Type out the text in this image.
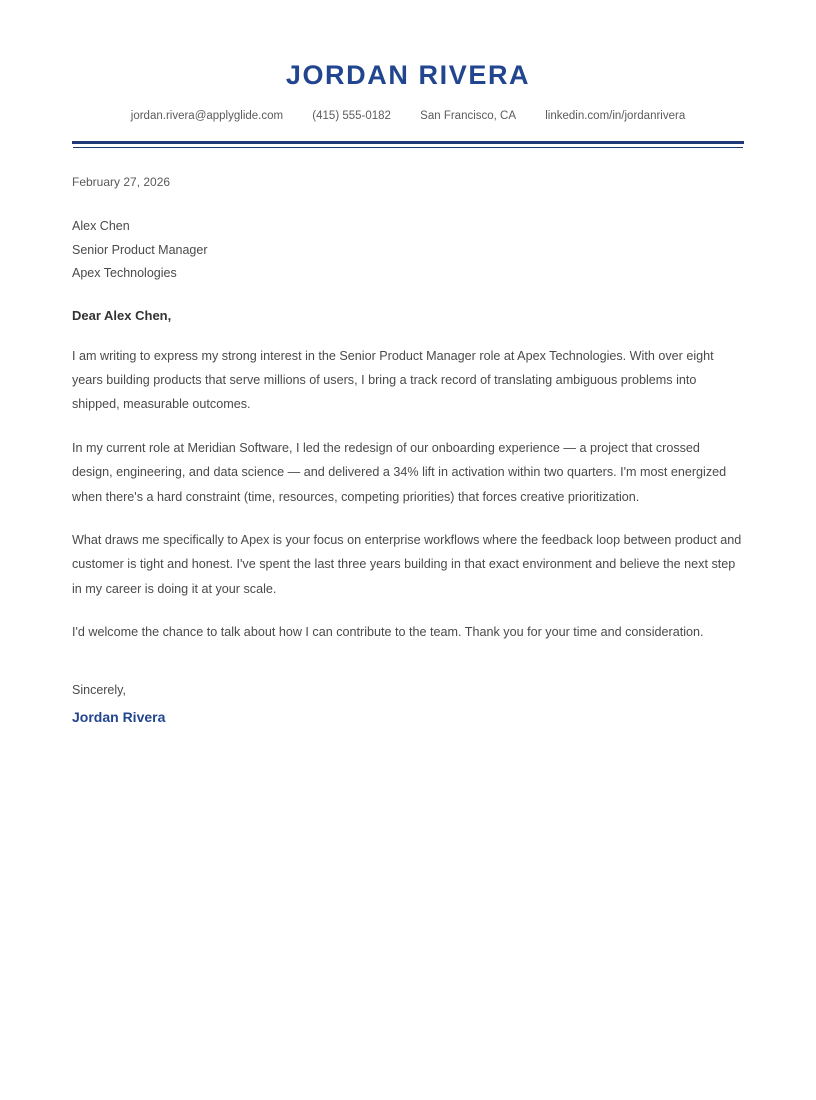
JORDAN RIVERA
jordan.rivera@applyglide.com	(415) 555-0182	San Francisco, CA	linkedin.com/in/jordanrivera
February 27, 2026
Alex Chen
Senior Product Manager
Apex Technologies
Dear Alex Chen,

I am writing to express my strong interest in the Senior Product Manager role at Apex Technologies. With over eight years building products that serve millions of users, I bring a track record of translating ambiguous problems into shipped, measurable outcomes.

In my current role at Meridian Software, I led the redesign of our onboarding experience — a project that crossed design, engineering, and data science — and delivered a 34% lift in activation within two quarters. I'm most energized when there's a hard constraint (time, resources, competing priorities) that forces creative prioritization.

What draws me specifically to Apex is your focus on enterprise workflows where the feedback loop between product and customer is tight and honest. I've spent the last three years building in that exact environment and believe the next step in my career is doing it at your scale.

I'd welcome the chance to talk about how I can contribute to the team. Thank you for your time and consideration.

Sincerely,
Jordan Rivera
